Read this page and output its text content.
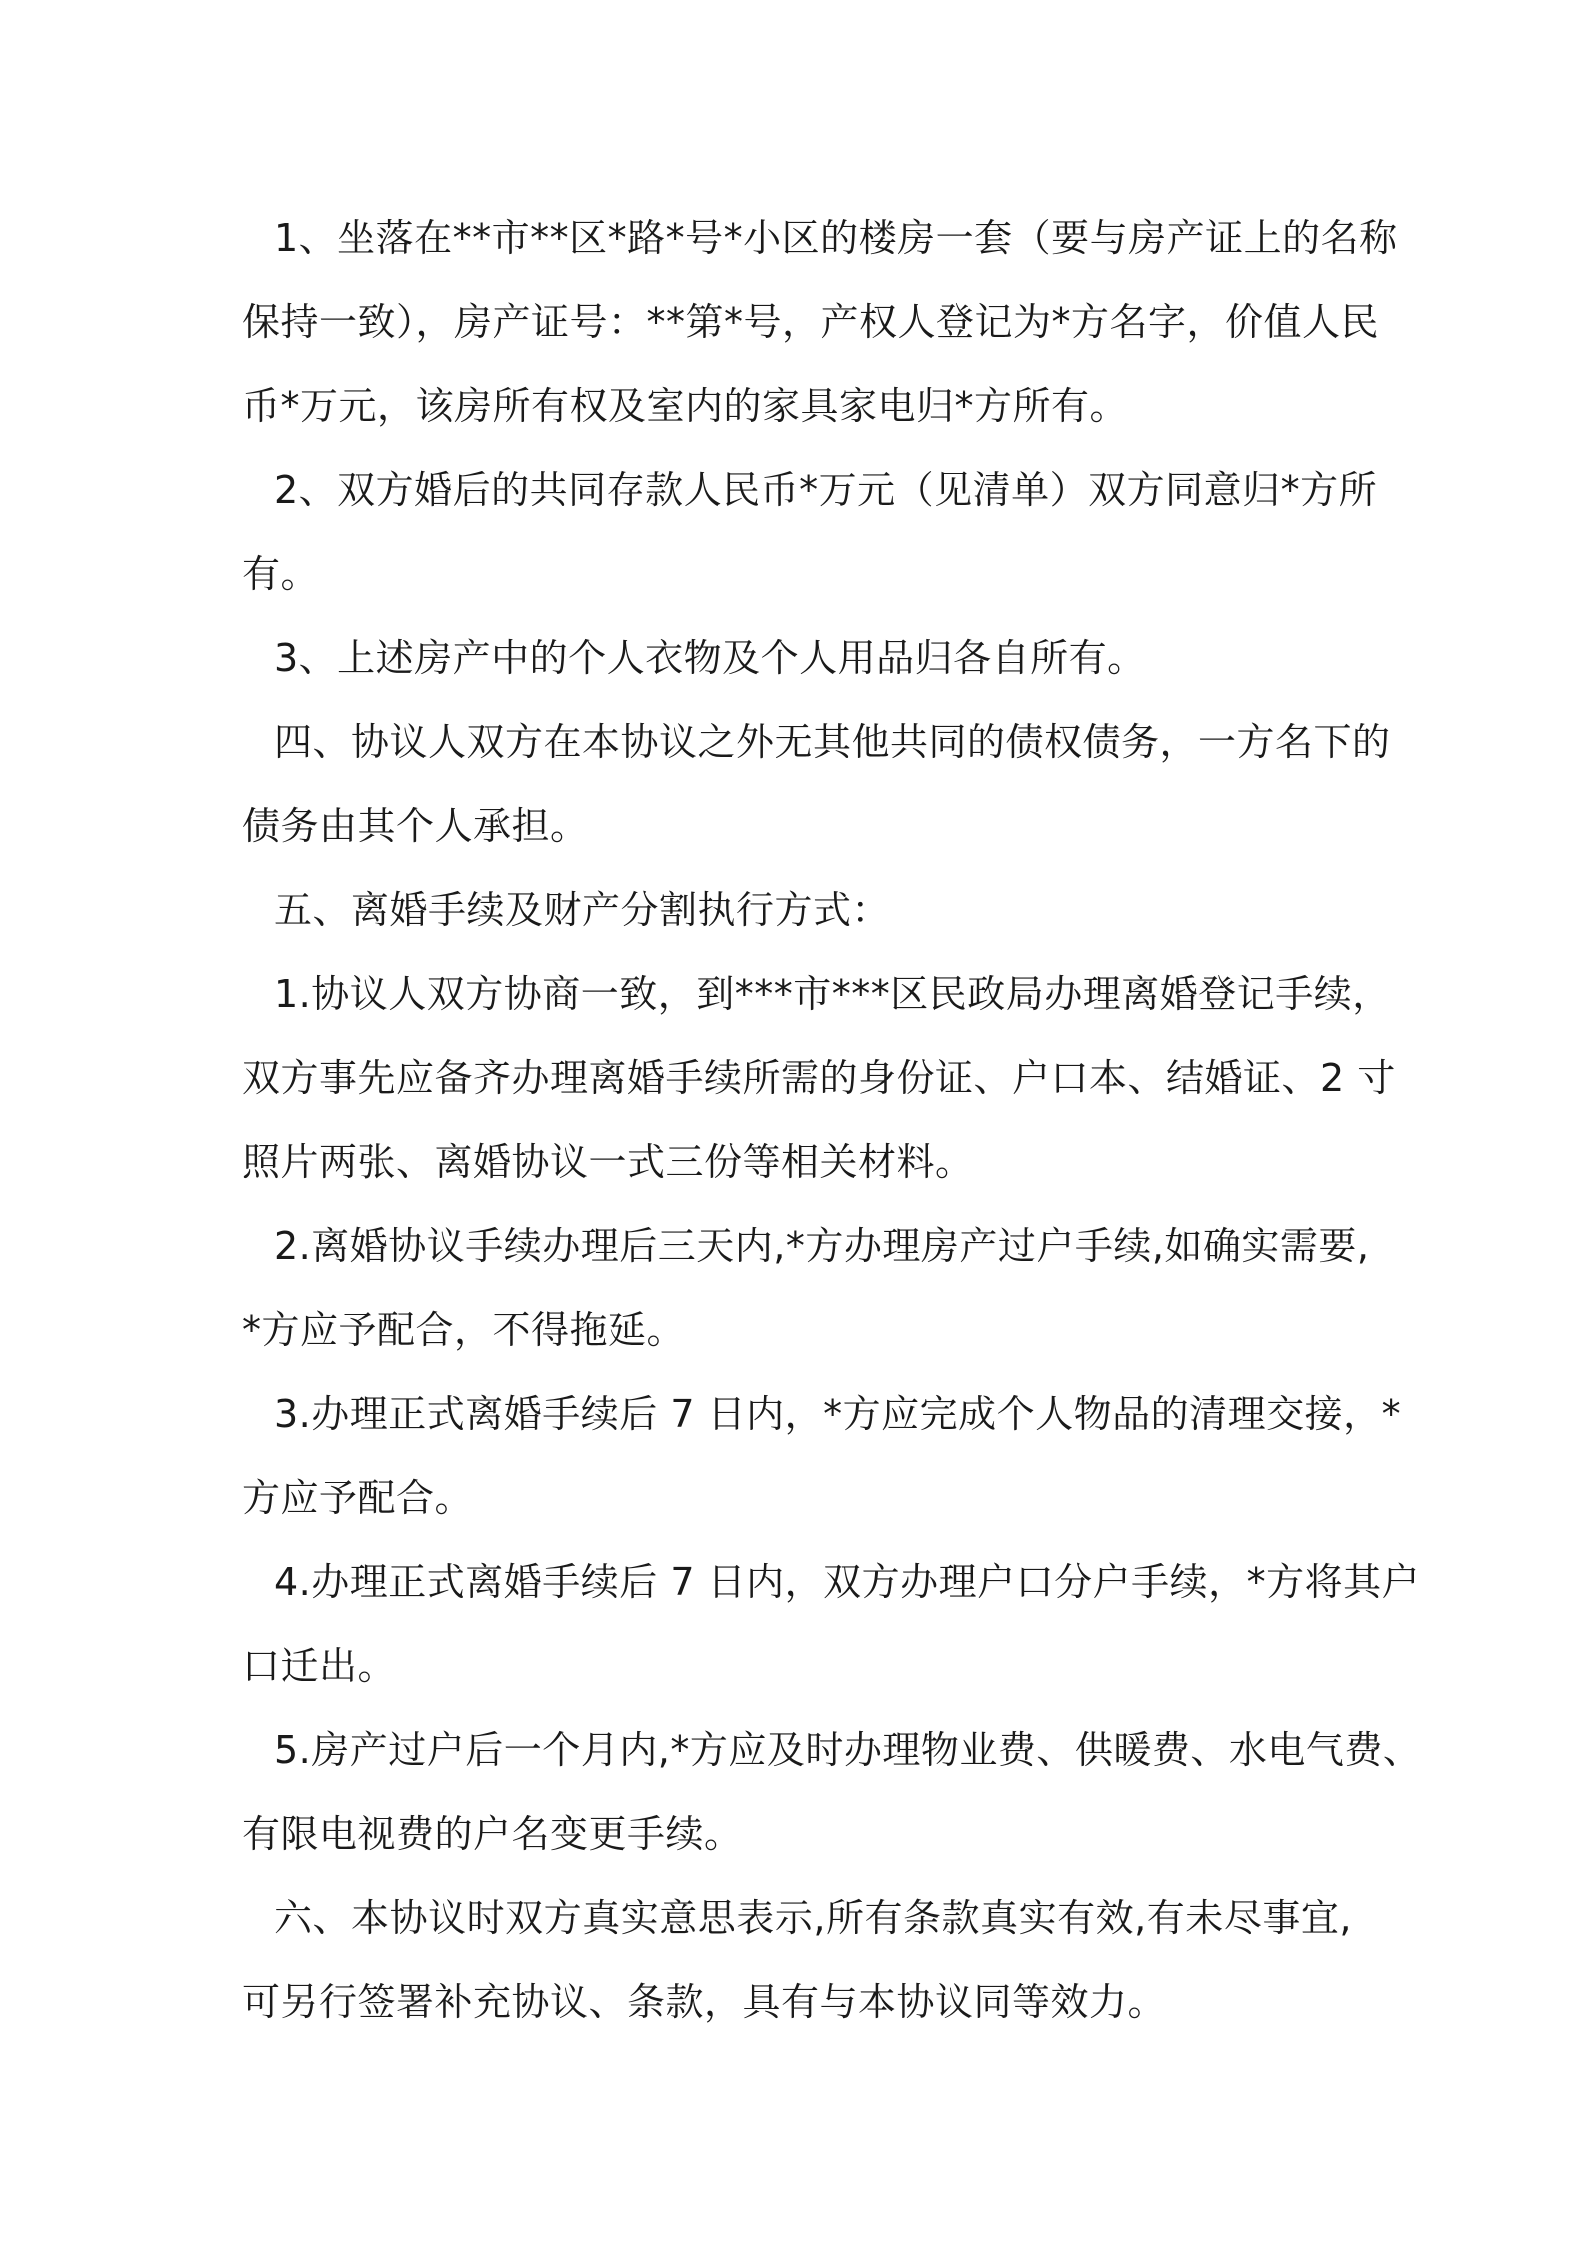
1、坐落在**市**区*路*号*小区的楼房一套（要与房产证上的名称
保持一致），房产证号：**第*号，产权人登记为*方名字，价值人民
币*万元，该房所有权及室内的家具家电归*方所有。
2、双方婚后的共同存款人民币*万元（见清单）双方同意归*方所
有。
3、上述房产中的个人衣物及个人用品归各自所有。
四、协议人双方在本协议之外无其他共同的债权债务，一方名下的
债务由其个人承担。
五、离婚手续及财产分割执行方式：
1.协议人双方协商一致，到***市***区民政局办理离婚登记手续，
双方事先应备齐办理离婚手续所需的身份证、户口本、结婚证、2 寸
照片两张、离婚协议一式三份等相关材料。
2.离婚协议手续办理后三天内,*方办理房产过户手续,如确实需要,
*方应予配合，不得拖延。
3.办理正式离婚手续后 7 日内，*方应完成个人物品的清理交接，*
方应予配合。
4.办理正式离婚手续后 7 日内，双方办理户口分户手续，*方将其户
口迁出。
5.房产过户后一个月内,*方应及时办理物业费、供暖费、水电气费、
有限电视费的户名变更手续。
六、本协议时双方真实意思表示,所有条款真实有效,有未尽事宜,
可另行签署补充协议、条款，具有与本协议同等效力。
